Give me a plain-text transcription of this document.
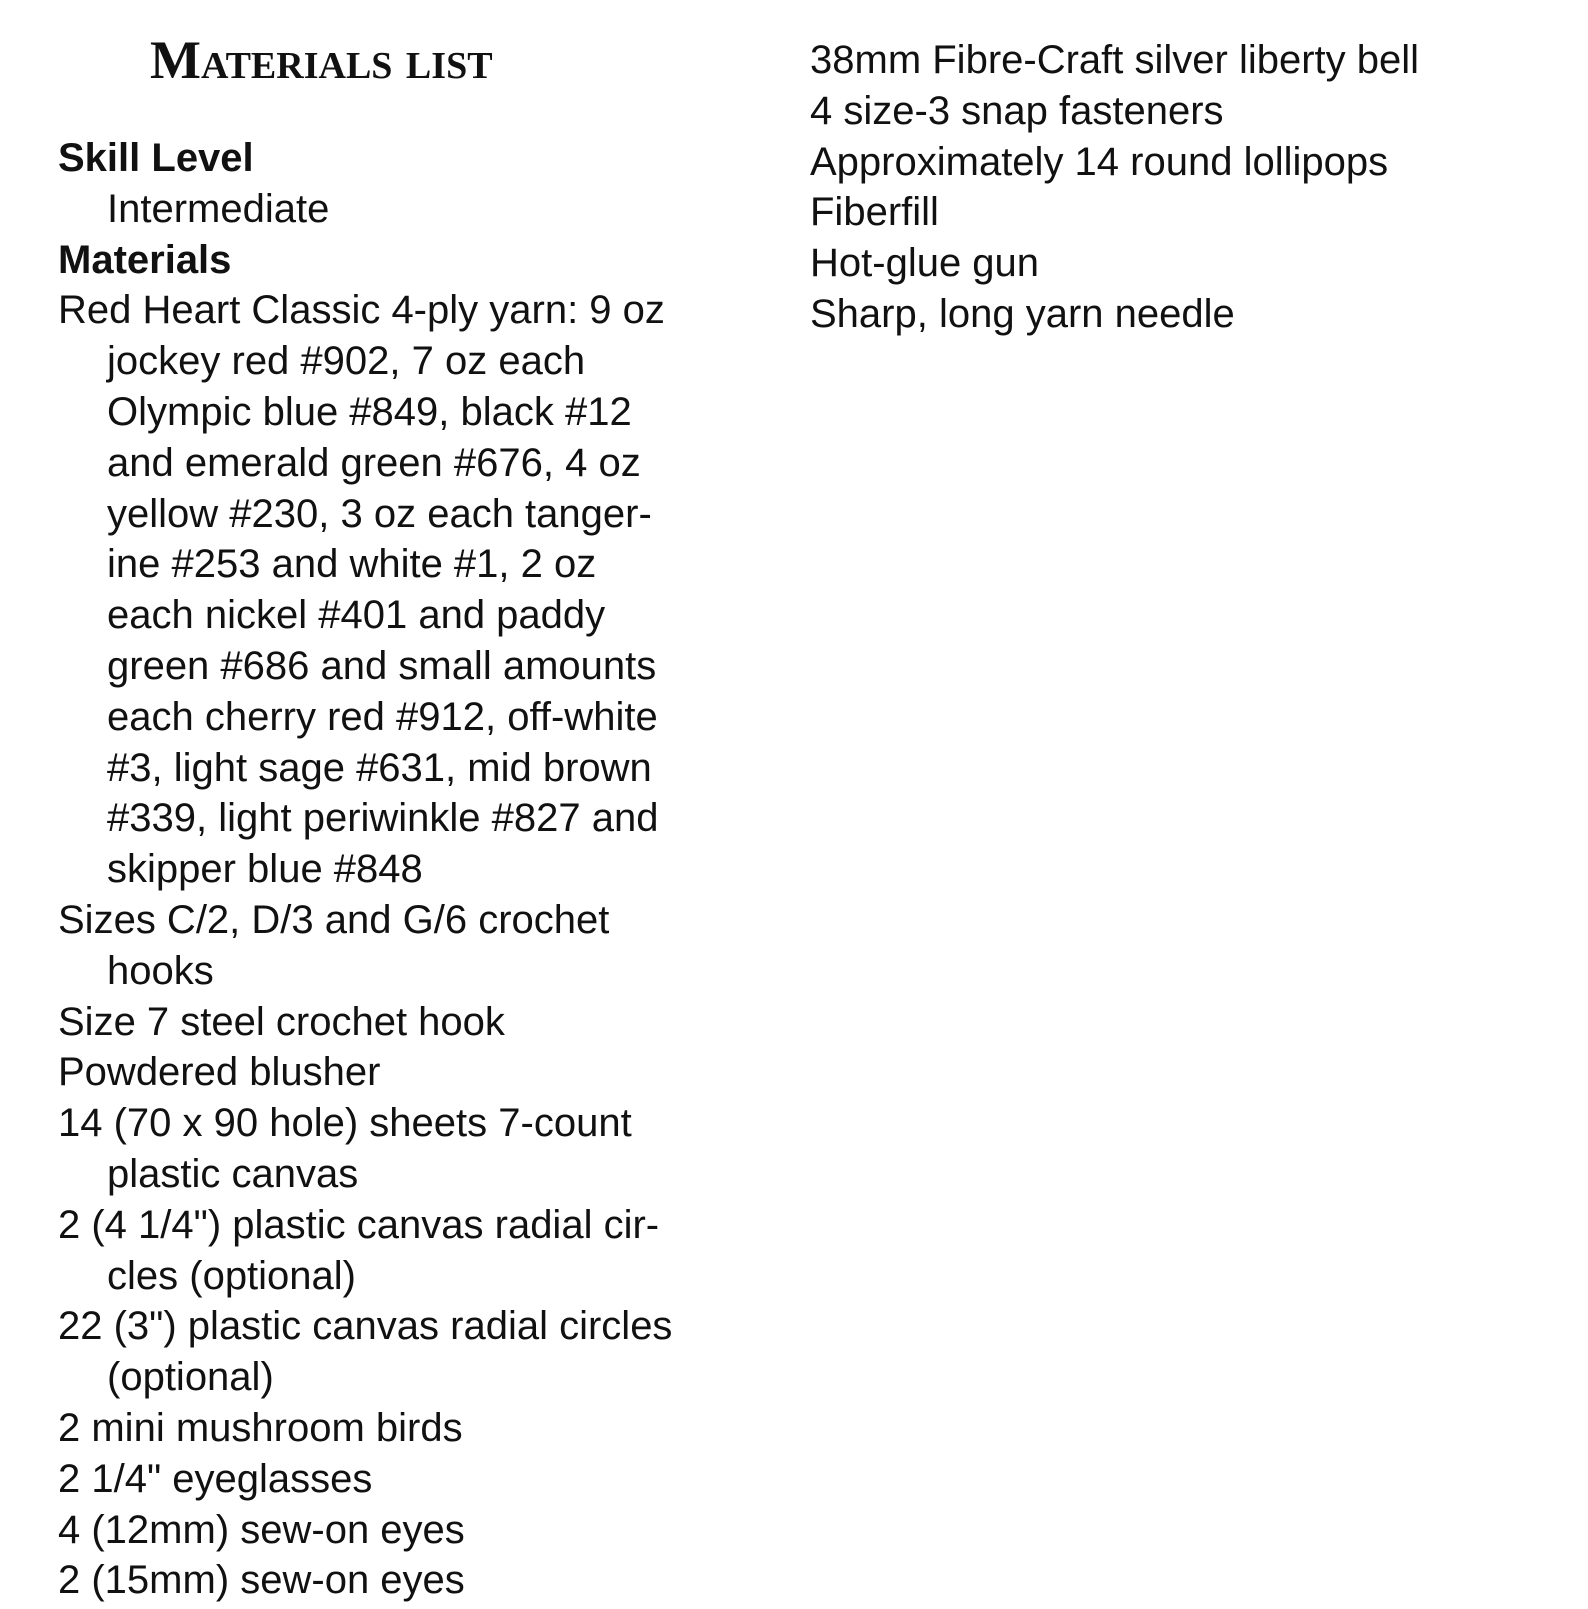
Materials list
Skill Level
Intermediate
Materials
Red Heart Classic 4-ply yarn: 9 oz
jockey red #902, 7 oz each
Olympic blue #849, black #12
and emerald green #676, 4 oz
yellow #230, 3 oz each tanger-
ine #253 and white #1, 2 oz
each nickel #401 and paddy
green #686 and small amounts
each cherry red #912, off-white
#3, light sage #631, mid brown
#339, light periwinkle #827 and
skipper blue #848
Sizes C/2, D/3 and G/6 crochet
hooks
Size 7 steel crochet hook
Powdered blusher
14 (70 x 90 hole) sheets 7-count
plastic canvas
2 (4 1/4") plastic canvas radial cir-
cles (optional)
22 (3") plastic canvas radial circles
(optional)
2 mini mushroom birds
2 1/4" eyeglasses
4 (12mm) sew-on eyes
2 (15mm) sew-on eyes
38mm Fibre-Craft silver liberty bell
4 size-3 snap fasteners
Approximately 14 round lollipops
Fiberfill
Hot-glue gun
Sharp, long yarn needle
